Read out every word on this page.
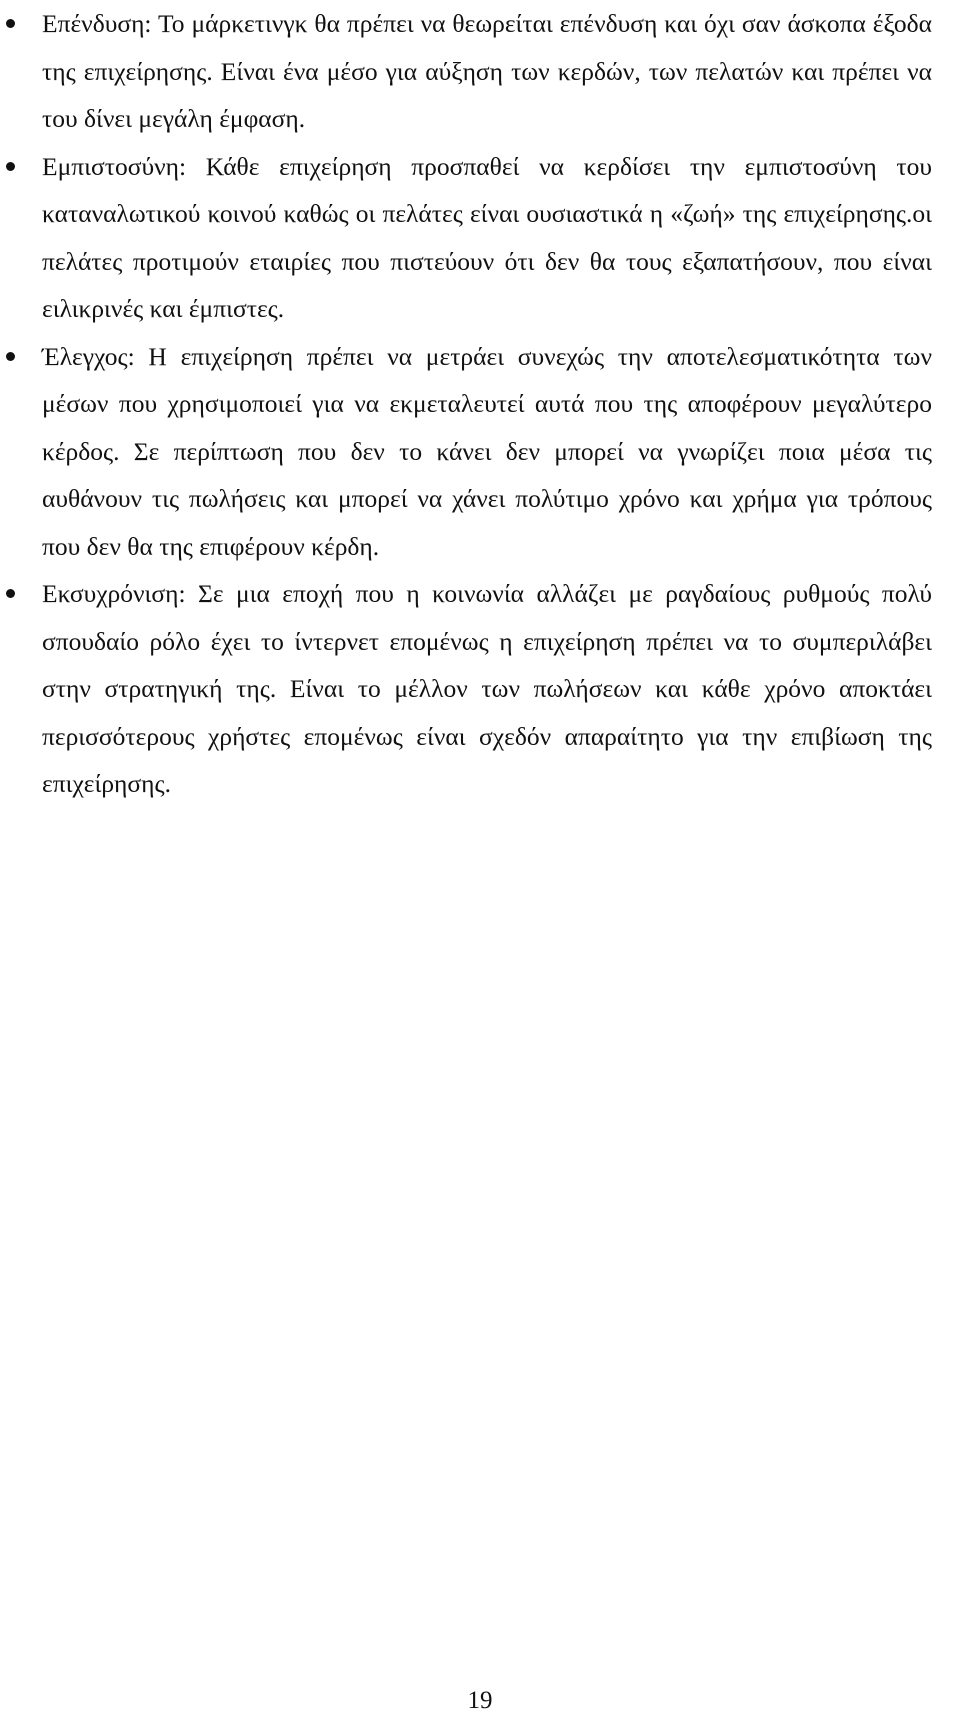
Επένδυση: Το μάρκετινγκ θα πρέπει να θεωρείται επένδυση και όχι σαν άσκοπα έξοδα της επιχείρησης. Είναι ένα μέσο για αύξηση των κερδών, των πελατών και πρέπει να του δίνει μεγάλη έμφαση.
Εμπιστοσύνη: Κάθε επιχείρηση προσπαθεί να κερδίσει την εμπιστοσύνη του καταναλωτικού κοινού καθώς οι πελάτες είναι ουσιαστικά η «ζωή» της επιχείρησης.οι πελάτες προτιμούν εταιρίες που πιστεύουν ότι δεν θα τους εξαπατήσουν, που είναι ειλικρινές και έμπιστες.
Έλεγχος: Η επιχείρηση πρέπει να μετράει συνεχώς την αποτελεσματικότητα των μέσων που χρησιμοποιεί για να εκμεταλευτεί αυτά που της αποφέρουν μεγαλύτερο κέρδος. Σε περίπτωση που δεν το κάνει δεν μπορεί να γνωρίζει ποια μέσα τις αυθάνουν τις πωλήσεις και μπορεί να χάνει πολύτιμο χρόνο και χρήμα για τρόπους που δεν θα της επιφέρουν κέρδη.
Εκσυχρόνιση: Σε μια εποχή που η κοινωνία αλλάζει με ραγδαίους ρυθμούς πολύ σπουδαίο ρόλο έχει το ίντερνετ επομένως η επιχείρηση πρέπει να το συμπεριλάβει στην στρατηγική της. Είναι το μέλλον των πωλήσεων και κάθε χρόνο αποκτάει περισσότερους χρήστες επομένως είναι σχεδόν απαραίτητο για την επιβίωση της επιχείρησης.
19
